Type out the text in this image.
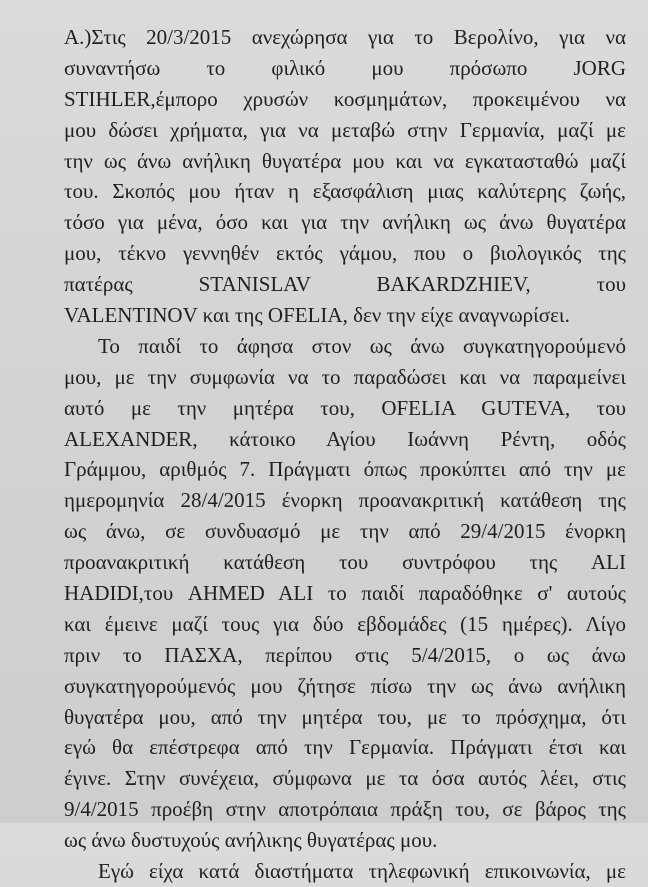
Α.)Στις 20/3/2015 ανεχώρησα για το Βερολίνο, για να
συναντήσω το φιλικό μου πρόσωπο JORG
STIHLER,έμπορο χρυσών κοσμημάτων, προκειμένου να
μου δώσει χρήματα, για να μεταβώ στην Γερμανία, μαζί με
την ως άνω ανήλικη θυγατέρα μου και να εγκατασταθώ μαζί
του. Σκοπός μου ήταν η εξασφάλιση μιας καλύτερης ζωής,
τόσο για μένα, όσο και για την ανήλικη ως άνω θυγατέρα
μου, τέκνο γεννηθέν εκτός γάμου, που ο βιολογικός της
πατέρας STANISLAV BAKARDZHIEV, του
VALENTINOV και της OFELIA, δεν την είχε αναγνωρίσει.
Το παιδί το άφησα στον ως άνω συγκατηγορούμενό
μου, με την συμφωνία να το παραδώσει και να παραμείνει
αυτό με την μητέρα του, OFELIA GUTEVA, του
ALEXANDER, κάτοικο Αγίου Ιωάννη Ρέντη, οδός
Γράμμου, αριθμός 7. Πράγματι όπως προκύπτει από την με
ημερομηνία 28/4/2015 ένορκη προανακριτική κατάθεση της
ως άνω, σε συνδυασμό με την από 29/4/2015 ένορκη
προανακριτική κατάθεση του συντρόφου της ALI
HADIDI,του AHMED ALI το παιδί παραδόθηκε σ' αυτούς
και έμεινε μαζί τους για δύο εβδομάδες (15 ημέρες). Λίγο
πριν το ΠΑΣΧΑ, περίπου στις 5/4/2015, ο ως άνω
συγκατηγορούμενός μου ζήτησε πίσω την ως άνω ανήλικη
θυγατέρα μου, από την μητέρα του, με το πρόσχημα, ότι
εγώ θα επέστρεφα από την Γερμανία. Πράγματι έτσι και
έγινε. Στην συνέχεια, σύμφωνα με τα όσα αυτός λέει, στις
9/4/2015 προέβη στην αποτρόπαια πράξη του, σε βάρος της
ως άνω δυστυχούς ανήλικης θυγατέρας μου.
Εγώ είχα κατά διαστήματα τηλεφωνική επικοινωνία, με
